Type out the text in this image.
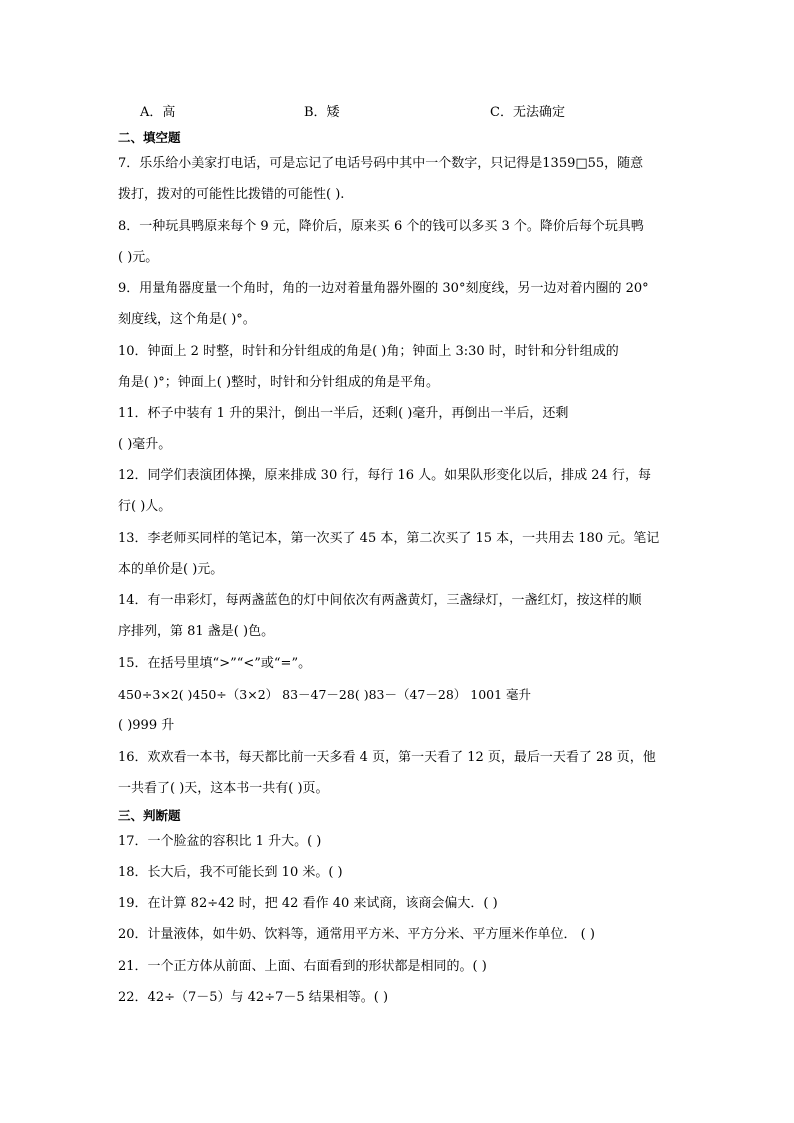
A．高	B．矮	C．无法确定
二、填空题
7．乐乐给小美家打电话，可是忘记了电话号码中其中一个数字，只记得是1359□55，随意
拨打，拨对的可能性比拨错的可能性( ).
8．一种玩具鸭原来每个 9 元，降价后，原来买 6 个的钱可以多买 3 个。降价后每个玩具鸭
( )元。
9．用量角器度量一个角时，角的一边对着量角器外圈的 30°刻度线，另一边对着内圈的 20°
刻度线，这个角是( )°。
10．钟面上 2 时整，时针和分针组成的角是( )角；钟面上 3:30 时，时针和分针组成的
角是( )°；钟面上( )整时，时针和分针组成的角是平角。
11．杯子中装有 1 升的果汁，倒出一半后，还剩( )毫升，再倒出一半后，还剩
( )毫升。
12．同学们表演团体操，原来排成 30 行，每行 16 人。如果队形变化以后，排成 24 行，每
行( )人。
13．李老师买同样的笔记本，第一次买了 45 本，第二次买了 15 本，一共用去 180 元。笔记
本的单价是( )元。
14．有一串彩灯，每两盏蓝色的灯中间依次有两盏黄灯，三盏绿灯，一盏红灯，按这样的顺
序排列，第 81 盏是( )色。
15．在括号里填“>”“<”或“=”。
450÷3×2( )450÷（3×2） 83－47－28( )83－（47－28） 1001 毫升
( )999 升
16．欢欢看一本书，每天都比前一天多看 4 页，第一天看了 12 页，最后一天看了 28 页，他
一共看了( )天，这本书一共有( )页。
三、判断题
17．一个脸盆的容积比 1 升大。( )
18．长大后，我不可能长到 10 米。( )
19．在计算 82÷42 时，把 42 看作 40 来试商，该商会偏大．( )
20．计量液体，如牛奶、饮料等，通常用平方米、平方分米、平方厘米作单位． ( )
21．一个正方体从前面、上面、右面看到的形状都是相同的。( )
22．42÷（7－5）与 42÷7－5 结果相等。( )
